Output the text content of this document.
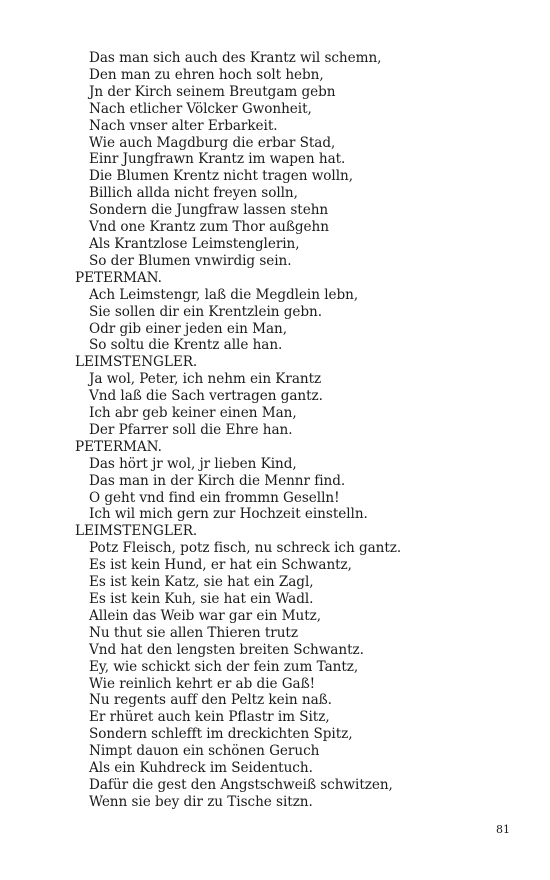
Das man sich auch des Krantz wil schemn,
Den man zu ehren hoch solt hebn,
Jn der Kirch seinem Breutgam gebn
Nach etlicher Völcker Gwonheit,
Nach vnser alter Erbarkeit.
Wie auch Magdburg die erbar Stad,
Einr Jungfrawn Krantz im wapen hat.
Die Blumen Krentz nicht tragen wolln,
Billich allda nicht freyen solln,
Sondern die Jungfraw lassen stehn
Vnd one Krantz zum Thor außgehn
Als Krantzlose Leimstenglerin,
So der Blumen vnwirdig sein.
PETERMAN.
Ach Leimstengr, laß die Megdlein lebn,
Sie sollen dir ein Krentzlein gebn.
Odr gib einer jeden ein Man,
So soltu die Krentz alle han.
LEIMSTENGLER.
Ja wol, Peter, ich nehm ein Krantz
Vnd laß die Sach vertragen gantz.
Ich abr geb keiner einen Man,
Der Pfarrer soll die Ehre han.
PETERMAN.
Das hört jr wol, jr lieben Kind,
Das man in der Kirch die Mennr find.
O geht vnd find ein frommn Geselln!
Ich wil mich gern zur Hochzeit einstelln.
LEIMSTENGLER.
Potz Fleisch, potz fisch, nu schreck ich gantz.
Es ist kein Hund, er hat ein Schwantz,
Es ist kein Katz, sie hat ein Zagl,
Es ist kein Kuh, sie hat ein Wadl.
Allein das Weib war gar ein Mutz,
Nu thut sie allen Thieren trutz
Vnd hat den lengsten breiten Schwantz.
Ey, wie schickt sich der fein zum Tantz,
Wie reinlich kehrt er ab die Gaß!
Nu regents auff den Peltz kein naß.
Er rhüret auch kein Pflastr im Sitz,
Sondern schlefft im dreckichten Spitz,
Nimpt dauon ein schönen Geruch
Als ein Kuhdreck im Seidentuch.
Dafür die gest den Angstschweiß schwitzen,
Wenn sie bey dir zu Tische sitzn.
81
